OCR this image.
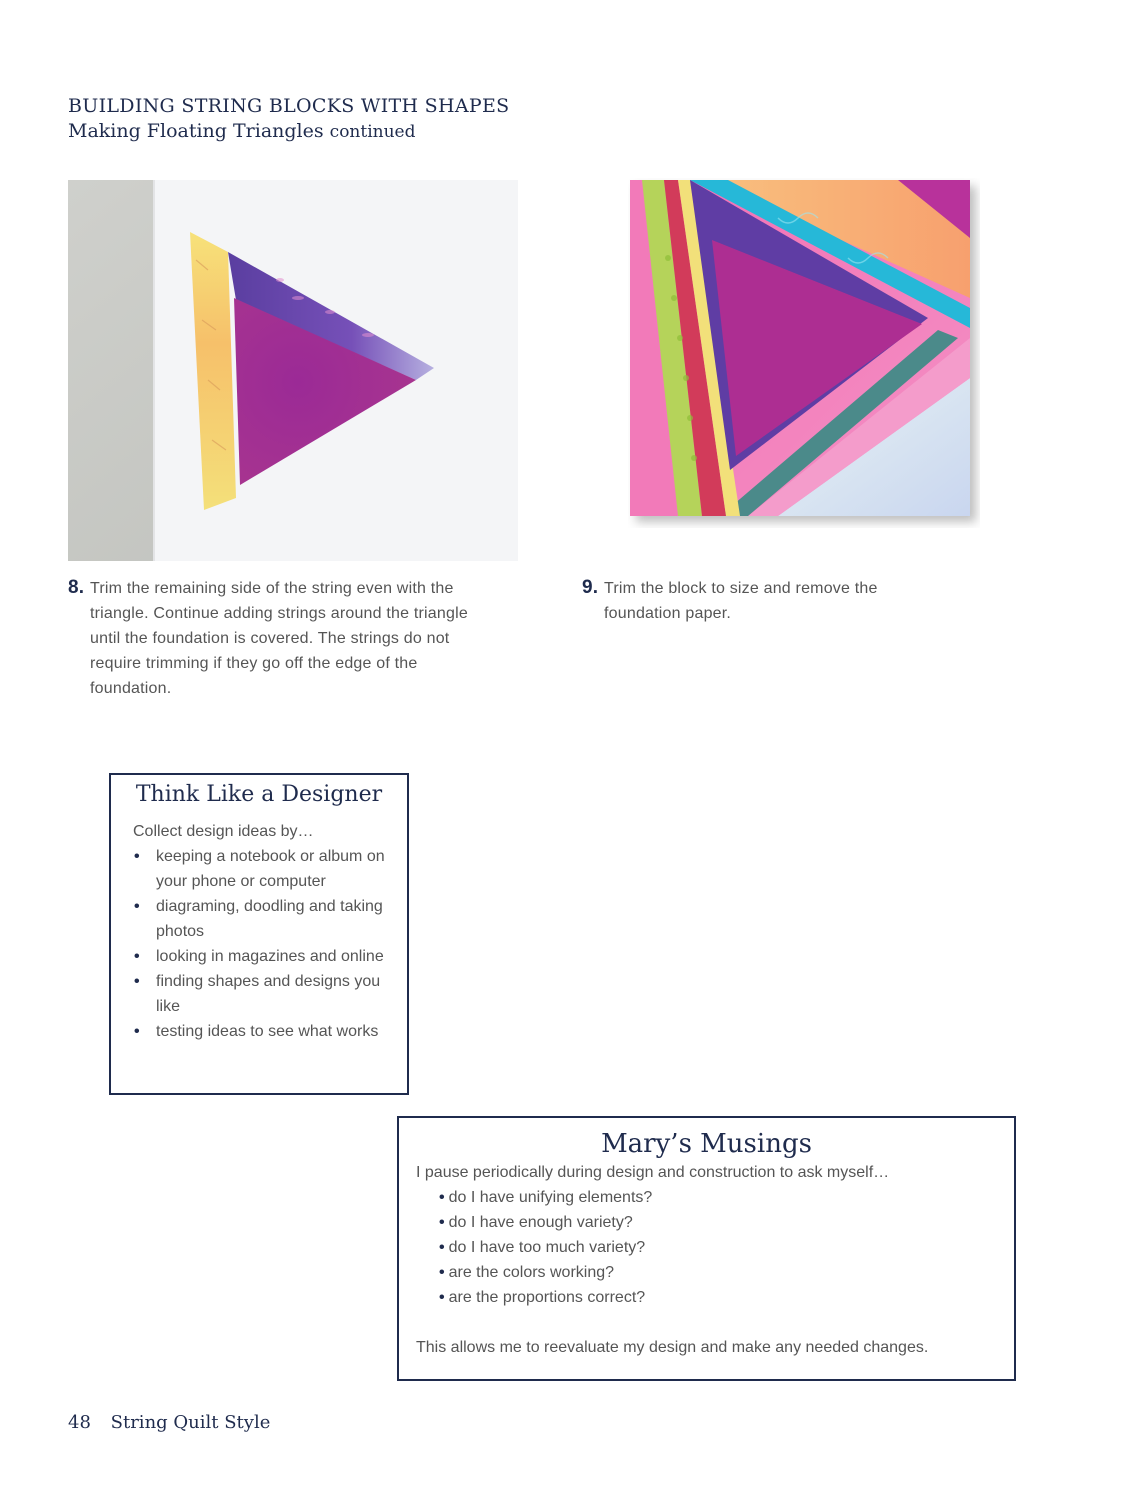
BUILDING STRING BLOCKS WITH SHAPES
Making Floating Triangles continued
8. Trim the remaining side of the string even with the triangle. Continue adding strings around the triangle until the foundation is covered. The strings do not require trimming if they go off the edge of the foundation.
9. Trim the block to size and remove the foundation paper.
Think Like a Designer
Collect design ideas by…
• keeping a notebook or album on your phone or computer
• diagraming, doodling and taking photos
• looking in magazines and online
• finding shapes and designs you like
• testing ideas to see what works
Mary’s Musings
I pause periodically during design and construction to ask myself…
• do I have unifying elements?
• do I have enough variety?
• do I have too much variety?
• are the colors working?
• are the proportions correct?
This allows me to reevaluate my design and make any needed changes.
48 String Quilt Style
